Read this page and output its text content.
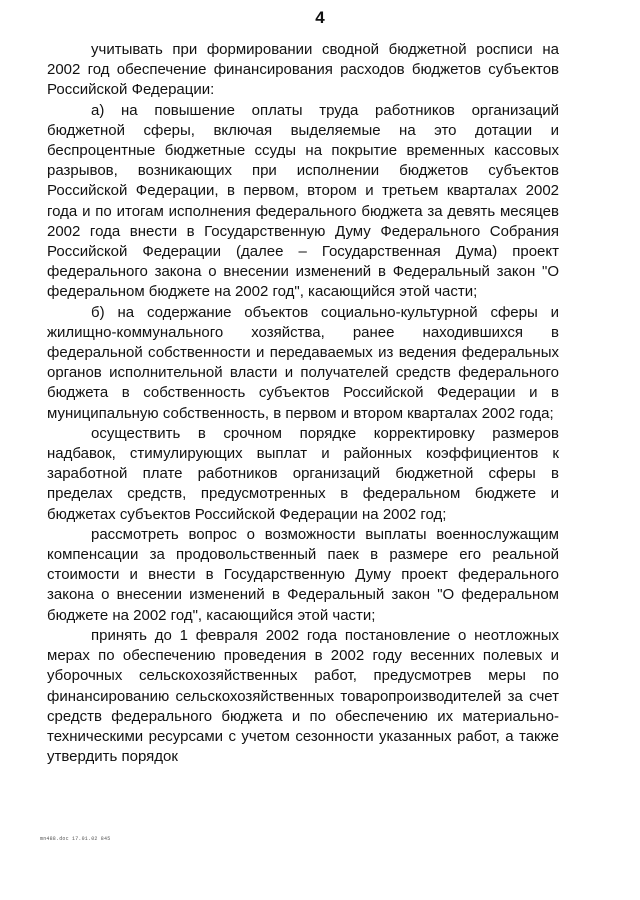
4

учитывать при формировании сводной бюджетной росписи на 2002 год обеспечение финансирования расходов бюджетов субъектов Российской Федерации:

а) на повышение оплаты труда работников организаций бюджетной сферы, включая выделяемые на это дотации и беспроцентные бюджетные ссуды на покрытие временных кассовых разрывов, возникающих при исполнении бюджетов субъектов Российской Федерации, в первом, втором и третьем кварталах 2002 года и по итогам исполнения федерального бюджета за девять месяцев 2002 года внести в Государственную Думу Федерального Собрания Российской Федерации (далее – Государственная Дума) проект федерального закона о внесении изменений в Федеральный закон "О федеральном бюджете на 2002 год", касающийся этой части;

б) на содержание объектов социально-культурной сферы и жилищно-коммунального хозяйства, ранее находившихся в федеральной собственности и передаваемых из ведения федеральных органов исполнительной власти и получателей средств федерального бюджета в собственность субъектов Российской Федерации и в муниципальную собственность, в первом и втором кварталах 2002 года;

осуществить в срочном порядке корректировку размеров надбавок, стимулирующих выплат и районных коэффициентов к заработной плате работников организаций бюджетной сферы в пределах средств, предусмотренных в федеральном бюджете и бюджетах субъектов Российской Федерации на 2002 год;

рассмотреть вопрос о возможности выплаты военнослужащим компенсации за продовольственный паек в размере его реальной стоимости и внести в Государственную Думу проект федерального закона о внесении изменений в Федеральный закон "О федеральном бюджете на 2002 год", касающийся этой части;

принять до 1 февраля 2002 года постановление о неотложных мерах по обеспечению проведения в 2002 году весенних полевых и уборочных сельскохозяйственных работ, предусмотрев меры по финансированию сельскохозяйственных товаропроизводителей за счет средств федерального бюджета и по обеспечению их материально-техническими ресурсами с учетом сезонности указанных работ, а также утвердить порядок

mn488.doc 17.01.02 845
